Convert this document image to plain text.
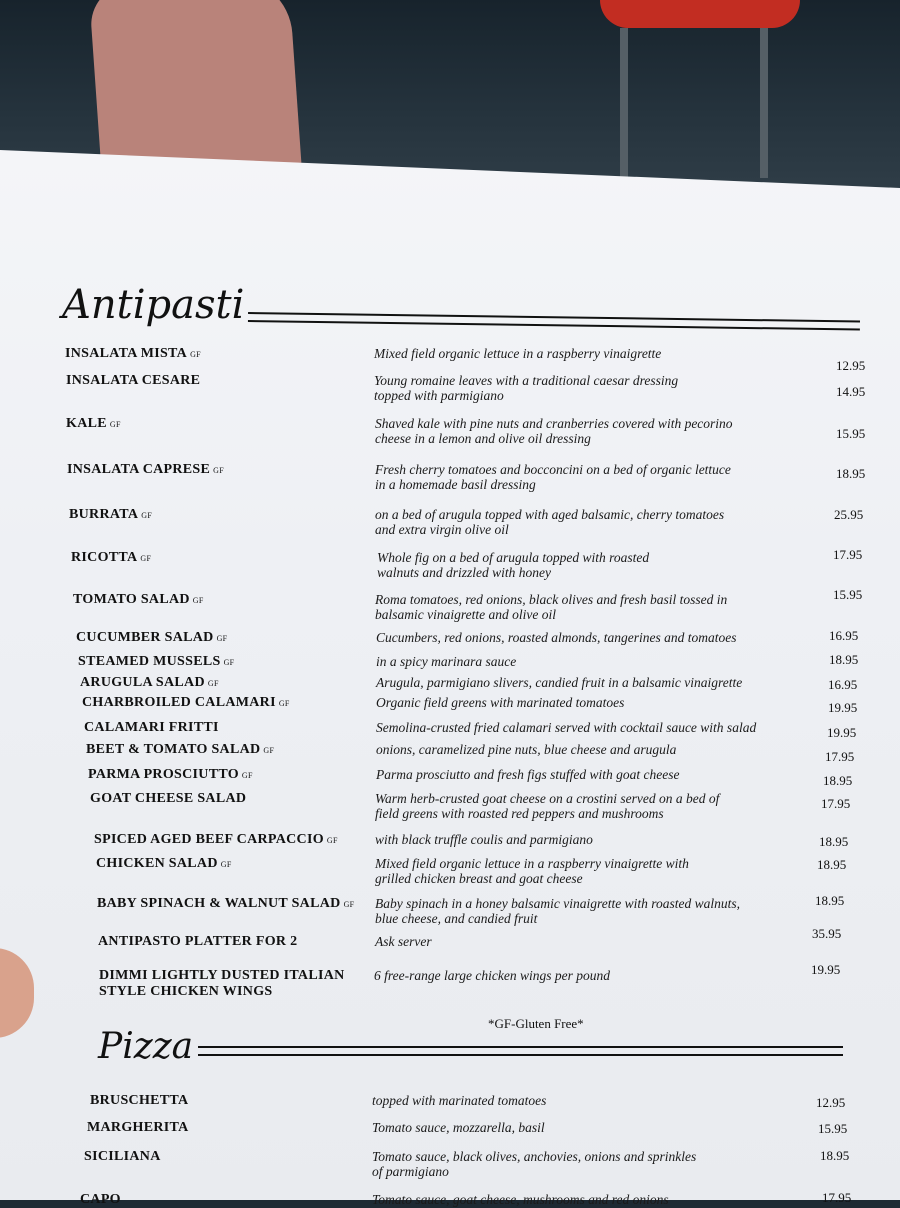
Antipasti
INSALATA MISTA GF	Mixed field organic lettuce in a raspberry vinaigrette
12.95
INSALATA CESARE	Young romaine leaves with a traditional caesar dressing
topped with parmigiano	14.95
KALE GF	Shaved kale with pine nuts and cranberries covered with pecorino
cheese in a lemon and olive oil dressing	15.95
INSALATA CAPRESE GF	Fresh cherry tomatoes and bocconcini on a bed of organic lettuce
in a homemade basil dressing
18.95
BURRATA GF	on a bed of arugula topped with aged balsamic, cherry tomatoes
and extra virgin olive oil
25.95
RICOTTA GF	Whole fig on a bed of arugula topped with roasted
walnuts and drizzled with honey
17.95
TOMATO SALAD GF	Roma tomatoes, red onions, black olives and fresh basil tossed in
balsamic vinaigrette and olive oil
15.95
CUCUMBER SALAD GF	Cucumbers, red onions, roasted almonds, tangerines and tomatoes	16.95
STEAMED MUSSELS GF	in a spicy marinara sauce	18.95
ARUGULA SALAD GF	Arugula, parmigiano slivers, candied fruit in a balsamic vinaigrette	16.95
CHARBROILED CALAMARI GF	Organic field greens with marinated tomatoes	19.95
CALAMARI FRITTI	Semolina-crusted fried calamari served with cocktail sauce with salad	19.95
BEET & TOMATO SALAD GF	onions, caramelized pine nuts, blue cheese and arugula	17.95
PARMA PROSCIUTTO GF	Parma prosciutto and fresh figs stuffed with goat cheese	18.95
GOAT CHEESE SALAD	Warm herb-crusted goat cheese on a crostini served on a bed of
field greens with roasted red peppers and mushrooms
17.95
SPICED AGED BEEF CARPACCIO GF	with black truffle coulis and parmigiano	18.95
CHICKEN SALAD GF	Mixed field organic lettuce in a raspberry vinaigrette with
grilled chicken breast and goat cheese
18.95
BABY SPINACH & WALNUT SALAD GF Baby spinach in a honey balsamic vinaigrette with roasted walnuts,
blue cheese, and candied fruit
18.95
ANTIPASTO PLATTER FOR 2	Ask server
35.95
DIMMI LIGHTLY DUSTED ITALIAN
STYLE CHICKEN WINGS
6 free-range large chicken wings per pound	19.95
*GF-Gluten Free*
Pizza
BRUSCHETTA	topped with marinated tomatoes	12.95
MARGHERITA	Tomato sauce, mozzarella, basil	15.95
SICILIANA	Tomato sauce, black olives, anchovies, onions and sprinkles
of parmigiano
18.95
CAPO	Tomato sauce, goat cheese, mushrooms and red onions	17.95
